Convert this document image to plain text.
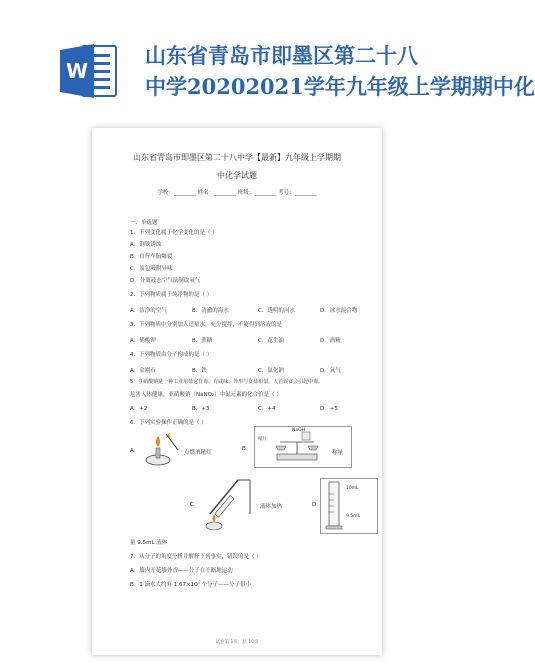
W
山东省青岛市即墨区第二十八
中学20202021学年九年级上学期期中化
山东省青岛市即墨区第二十八中学【最新】九年级上学期期
中化学试题
学校：________ 姓名：________ 班级：________ 考号：________
一、单选题
1．下列变化属于化学变化的是（ ）
A．钢铁锈蚀
B．自行车胎爆裂
C．炭包吸附异味
D．分离液态空气法制取氧气
2．下列物质属于纯净物的是（ ）
A．洁净的空气	B．清澈的海水	C．透明的河水	D．冰水混合物
3．下列物质中分别加入适量水，充分搅拌，不能得到溶液的是
A．硝酸钾	B．蔗糖	C．花生油	D．酒精
4．下列物质由分子构成的是（ ）
A．金刚石	B．铁	C．氯化钠	D．氧气
5．亚硝酸钠是一种工业用盐它有毒、有咸味，外形与食盐相似。人若误食会引起中毒。
危害人体健康，亚硝酸钠（NaNO₂）中氮元素的化合价是（ ）
A．+2	B．+3	C．+4	D．+5
6．下列实验操作正确的是（ ）
A.	点燃酒精灯
B.
NaOH
纸片
称量
C.	液体加热	D.
10mL
9.5mL
量 9.5mL 液体
7．从分子的角度分析并解释下列事实，错误的是（ ）
A．墙内开花墙外香——分子在不断地运动
B．1 滴水大约有 1.67×10ⁿ 个分子——分子很小
试卷第 1页，总 10页
